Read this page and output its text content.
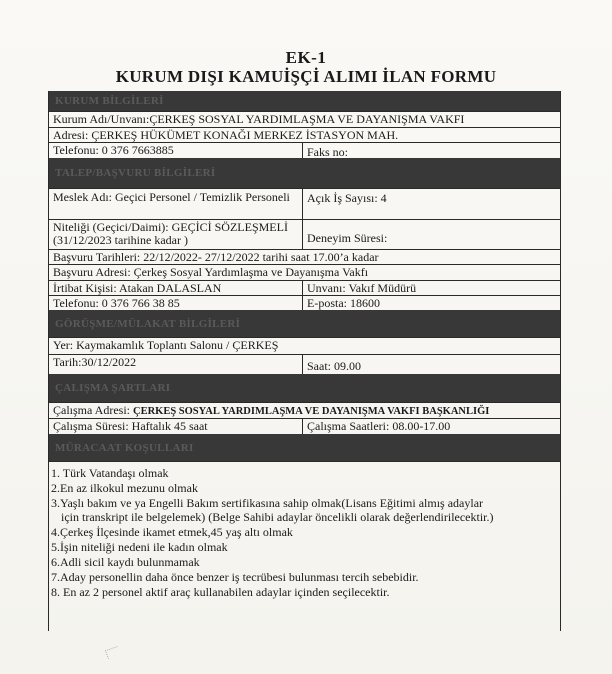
EK-1
KURUM DIŞI KAMUİŞÇİ ALIMI İLAN FORMU
KURUM BİLGİLERİ
Kurum Adı/Unvanı:ÇERKEŞ SOSYAL YARDIMLAŞMA VE DAYANIŞMA VAKFI
Adresi: ÇERKEŞ HÜKÜMET KONAĞI MERKEZ İSTASYON MAH.
Telefonu: 0 376 7663885	Faks no:
TALEP/BAŞVURU BİLGİLERİ
Meslek Adı: Geçici Personel / Temizlik Personeli	Açık İş Sayısı: 4
Niteliği (Geçici/Daimi): GEÇİCİ SÖZLEŞMELİ (31/12/2023 tarihine kadar )	Deneyim Süresi:
Başvuru Tarihleri: 22/12/2022- 27/12/2022 tarihi saat 17.00’a kadar
Başvuru Adresi: Çerkeş Sosyal Yardımlaşma ve Dayanışma Vakfı
İrtibat Kişisi: Atakan DALASLAN	Unvanı: Vakıf Müdürü
Telefonu: 0 376 766 38 85	E-posta: 18600
GÖRÜŞME/MÜLAKAT BİLGİLERİ
Yer: Kaymakamlık Toplantı Salonu / ÇERKEŞ
Tarih:30/12/2022	Saat: 09.00
ÇALIŞMA ŞARTLARI
Çalışma Adresi: ÇERKEŞ SOSYAL YARDIMLAŞMA VE DAYANIŞMA VAKFI BAŞKANLIĞI
Çalışma Süresi: Haftalık 45 saat	Çalışma Saatleri: 08.00-17.00
MÜRACAAT KOŞULLARI
1. Türk Vatandaşı olmak
2.En az ilkokul mezunu olmak
3.Yaşlı bakım ve ya Engelli Bakım sertifikasına sahip olmak(Lisans Eğitimi almış adaylar
için transkript ile belgelemek) (Belge Sahibi adaylar öncelikli olarak değerlendirilecektir.)
4.Çerkeş İlçesinde ikamet etmek,45 yaş altı olmak
5.İşin niteliği nedeni ile kadın olmak
6.Adli sicil kaydı bulunmamak
7.Aday personellin daha önce benzer iş tecrübesi bulunması tercih sebebidir.
8. En az 2 personel aktif araç kullanabilen adaylar içinden seçilecektir.
